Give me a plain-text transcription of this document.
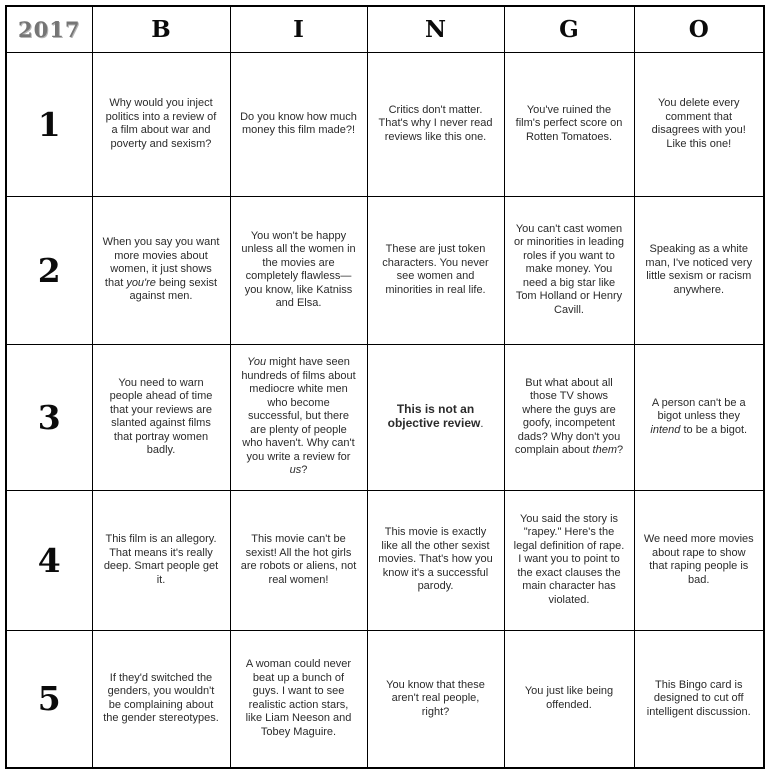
2017	B	I	N	G	O
1	Why would you inject politics into a review of a film about war and poverty and sexism?	Do you know how much money this film made?!	Critics don't matter. That's why I never read reviews like this one.	You've ruined the film's perfect score on Rotten Tomatoes.	You delete every comment that disagrees with you! Like this one!
2	When you say you want more movies about women, it just shows that you're being sexist against men.	You won't be happy unless all the women in the movies are completely flawless—you know, like Katniss and Elsa.	These are just token characters. You never see women and minorities in real life.	You can't cast women or minorities in leading roles if you want to make money. You need a big star like Tom Holland or Henry Cavill.	Speaking as a white man, I've noticed very little sexism or racism anywhere.
3	You need to warn people ahead of time that your reviews are slanted against films that portray women badly.	You might have seen hundreds of films about mediocre white men who become successful, but there are plenty of people who haven't. Why can't you write a review for us?	This is not an objective review.	But what about all those TV shows where the guys are goofy, incompetent dads? Why don't you complain about them?	A person can't be a bigot unless they intend to be a bigot.
4	This film is an allegory. That means it's really deep. Smart people get it.	This movie can't be sexist! All the hot girls are robots or aliens, not real women!	This movie is exactly like all the other sexist movies. That's how you know it's a successful parody.	You said the story is "rapey." Here's the legal definition of rape. I want you to point to the exact clauses the main character has violated.	We need more movies about rape to show that raping people is bad.
5	If they'd switched the genders, you wouldn't be complaining about the gender stereotypes.	A woman could never beat up a bunch of guys. I want to see realistic action stars, like Liam Neeson and Tobey Maguire.	You know that these aren't real people, right?	You just like being offended.	This Bingo card is designed to cut off intelligent discussion.
